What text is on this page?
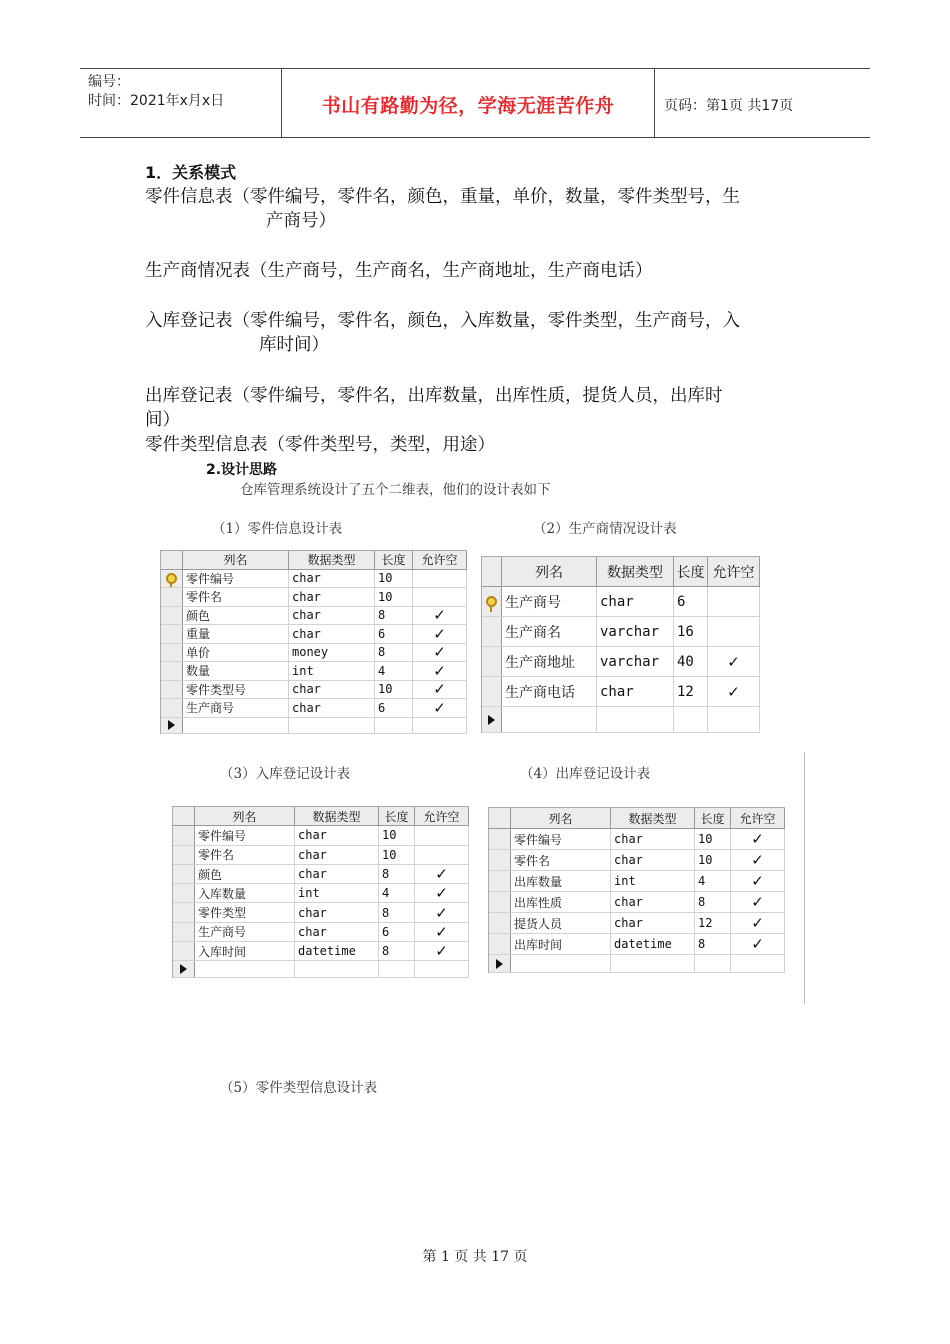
编号：
时间：2021年x月x日	书山有路勤为径，学海无涯苦作舟	页码：第1页 共17页
1．关系模式
零件信息表（零件编号，零件名，颜色，重量，单价，数量，零件类型号，生
产商号）
生产商情况表（生产商号，生产商名，生产商地址，生产商电话）
入库登记表（零件编号，零件名，颜色，入库数量，零件类型，生产商号，入
库时间）
出库登记表（零件编号，零件名，出库数量，出库性质，提货人员，出库时
间）
零件类型信息表（零件类型号，类型，用途）
2.设计思路
仓库管理系统设计了五个二维表，他们的设计表如下
（1）零件信息设计表	（2）生产商情况设计表
（3）入库登记设计表	（4）出库登记设计表
（5）零件类型信息设计表
列名	数据类型	长度	允许空
零件编号	char	10
零件名	char	10
颜色	char	8	✓
重量	char	6	✓
单价	money	8	✓
数量	int	4	✓
零件类型号	char	10	✓
生产商号	char	6	✓
列名	数据类型 长度 允许空
生产商号	char	6
生产商名	varchar	16
生产商地址	varchar	40	✓
生产商电话	char	12	✓
列名	数据类型	长度	允许空
零件编号	char	10
零件名	char	10
颜色	char	8	✓
入库数量	int	4	✓
零件类型	char	8	✓
生产商号	char	6	✓
入库时间	datetime	8	✓
列名	数据类型	长度	允许空
零件编号	char	10	✓
零件名	char	10	✓
出库数量	int	4	✓
出库性质	char	8	✓
提货人员	char	12	✓
出库时间	datetime	8	✓
第 1 页 共 17 页
